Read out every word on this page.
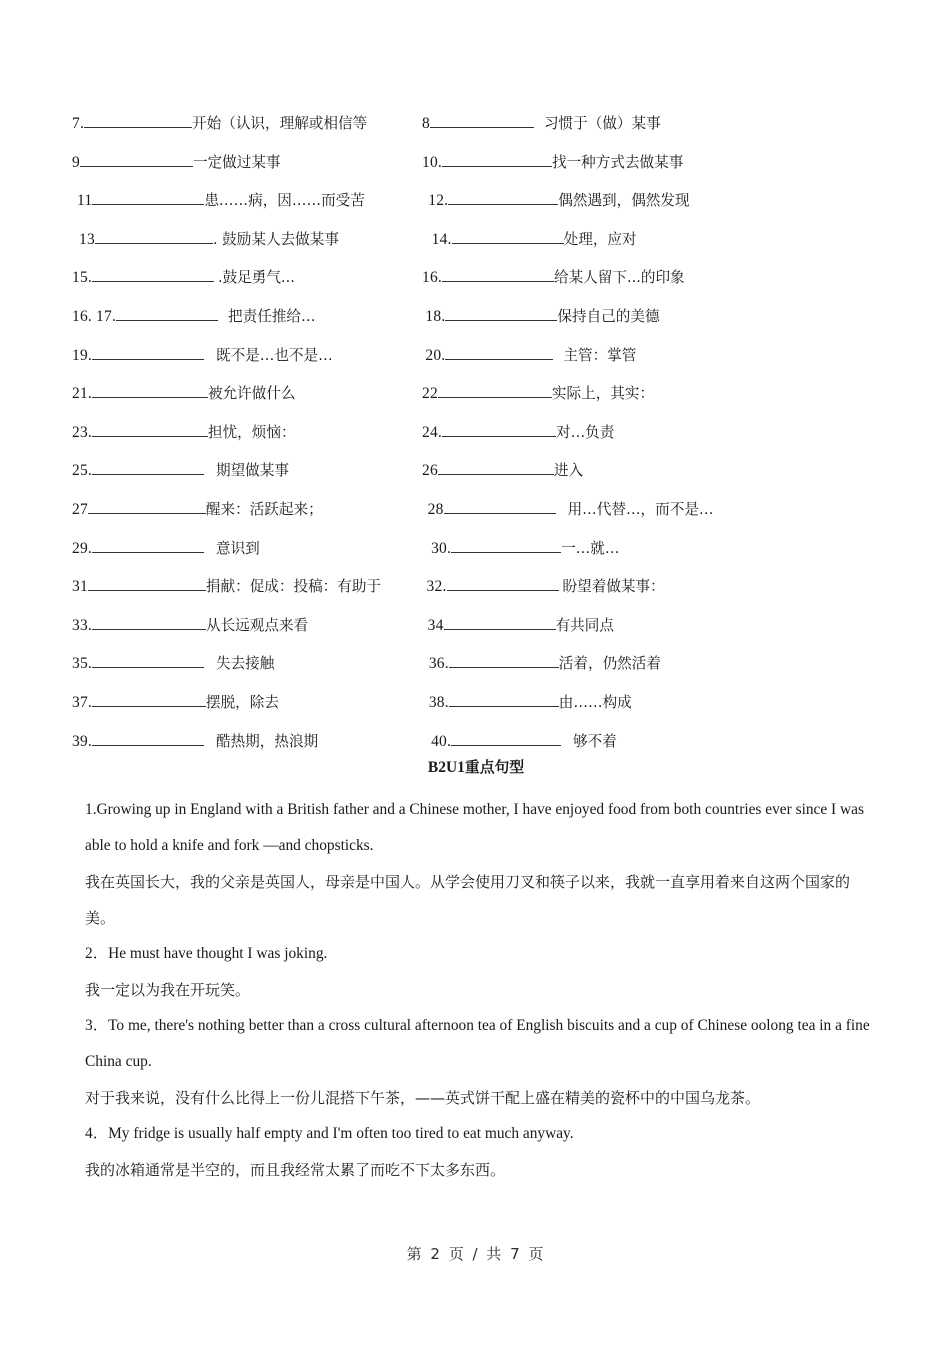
7.	开始（认识，理解或相信等	8	习惯于（做）某事
9	一定做过某事	10.	找一种方式去做某事
11	患……病，因……而受苦	12.	偶然遇到，偶然发现
13	. 鼓励某人去做某事	14.	处理，应对
15.	.鼓足勇气...	16.	给某人留下...的印象
16. 17.	把责任推给…	18.	保持自己的美德
19.	既不是…也不是…	20.	主管：掌管
21.	被允许做什么	22	实际上，其实：
23.	担忧，烦恼：	24.	对…负责
25.	期望做某事	26	进入
27	醒来：活跃起来；	28	用…代替…，而不是…
29.	意识到	30.	一…就…
31	捐献：促成：投稿：有助于	32.	盼望着做某事：
33.	从长远观点来看	34	有共同点
35.	失去接触	36.	活着，仍然活着
37.	摆脱，除去	38.	由……构成
39.	酷热期，热浪期	40.	够不着
B2U1重点句型
1.Growing up in England with a British father and a Chinese mother, I have enjoyed food from both countries ever since I was able to hold a knife and fork —and chopsticks.
我在英国长大，我的父亲是英国人，母亲是中国人。从学会使用刀叉和筷子以来，我就一直享用着来自这两个国家的美。
2．He must have thought I was joking.
我一定以为我在开玩笑。
3．To me, there's nothing better than a cross cultural afternoon tea of English biscuits and a cup of Chinese oolong tea in a fine China cup.
对于我来说，没有什么比得上一份儿混搭下午茶，——英式饼干配上盛在精美的瓷杯中的中国乌龙茶。
4．My fridge is usually half empty and I'm often too tired to eat much anyway.
我的冰箱通常是半空的，而且我经常太累了而吃不下太多东西。
第 2 页 / 共 7 页
